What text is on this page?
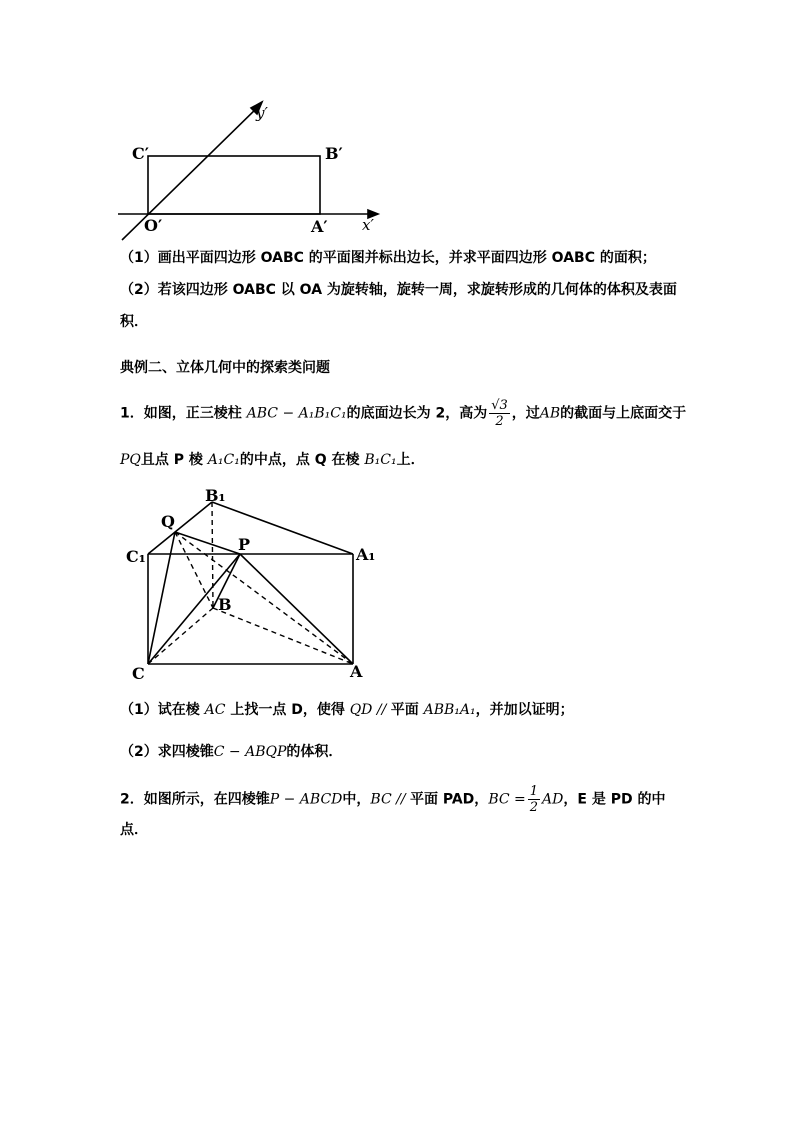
C′	B′
O′	A′ x′
y′
（1）画出平面四边形 OABC 的平面图并标出边长，并求平面四边形 OABC 的面积；
（2）若该四边形 OABC 以 OA 为旋转轴，旋转一周，求旋转形成的几何体的体积及表面
积．
典例二、立体几何中的探索类问题
1．如图，正三棱柱 ABC − A₁B₁C₁的底面边长为 2，高为 $\frac{√3}{2}$ ，过AB的截面与上底面交于
PQ且点 P 棱 A₁C₁的中点，点 Q 在棱 B₁C₁上．
B₁
Q
P
C₁	A₁
B
C	A
（1）试在棱 AC 上找一点 D，使得 QD // 平面 ABB₁A₁，并加以证明；
（2）求四棱锥C − ABQP的体积．
2．如图所示，在四棱锥P − ABCD中，BC // 平面 PAD，BC = $\frac{1}{2}$ AD，E 是 PD 的中
点．
